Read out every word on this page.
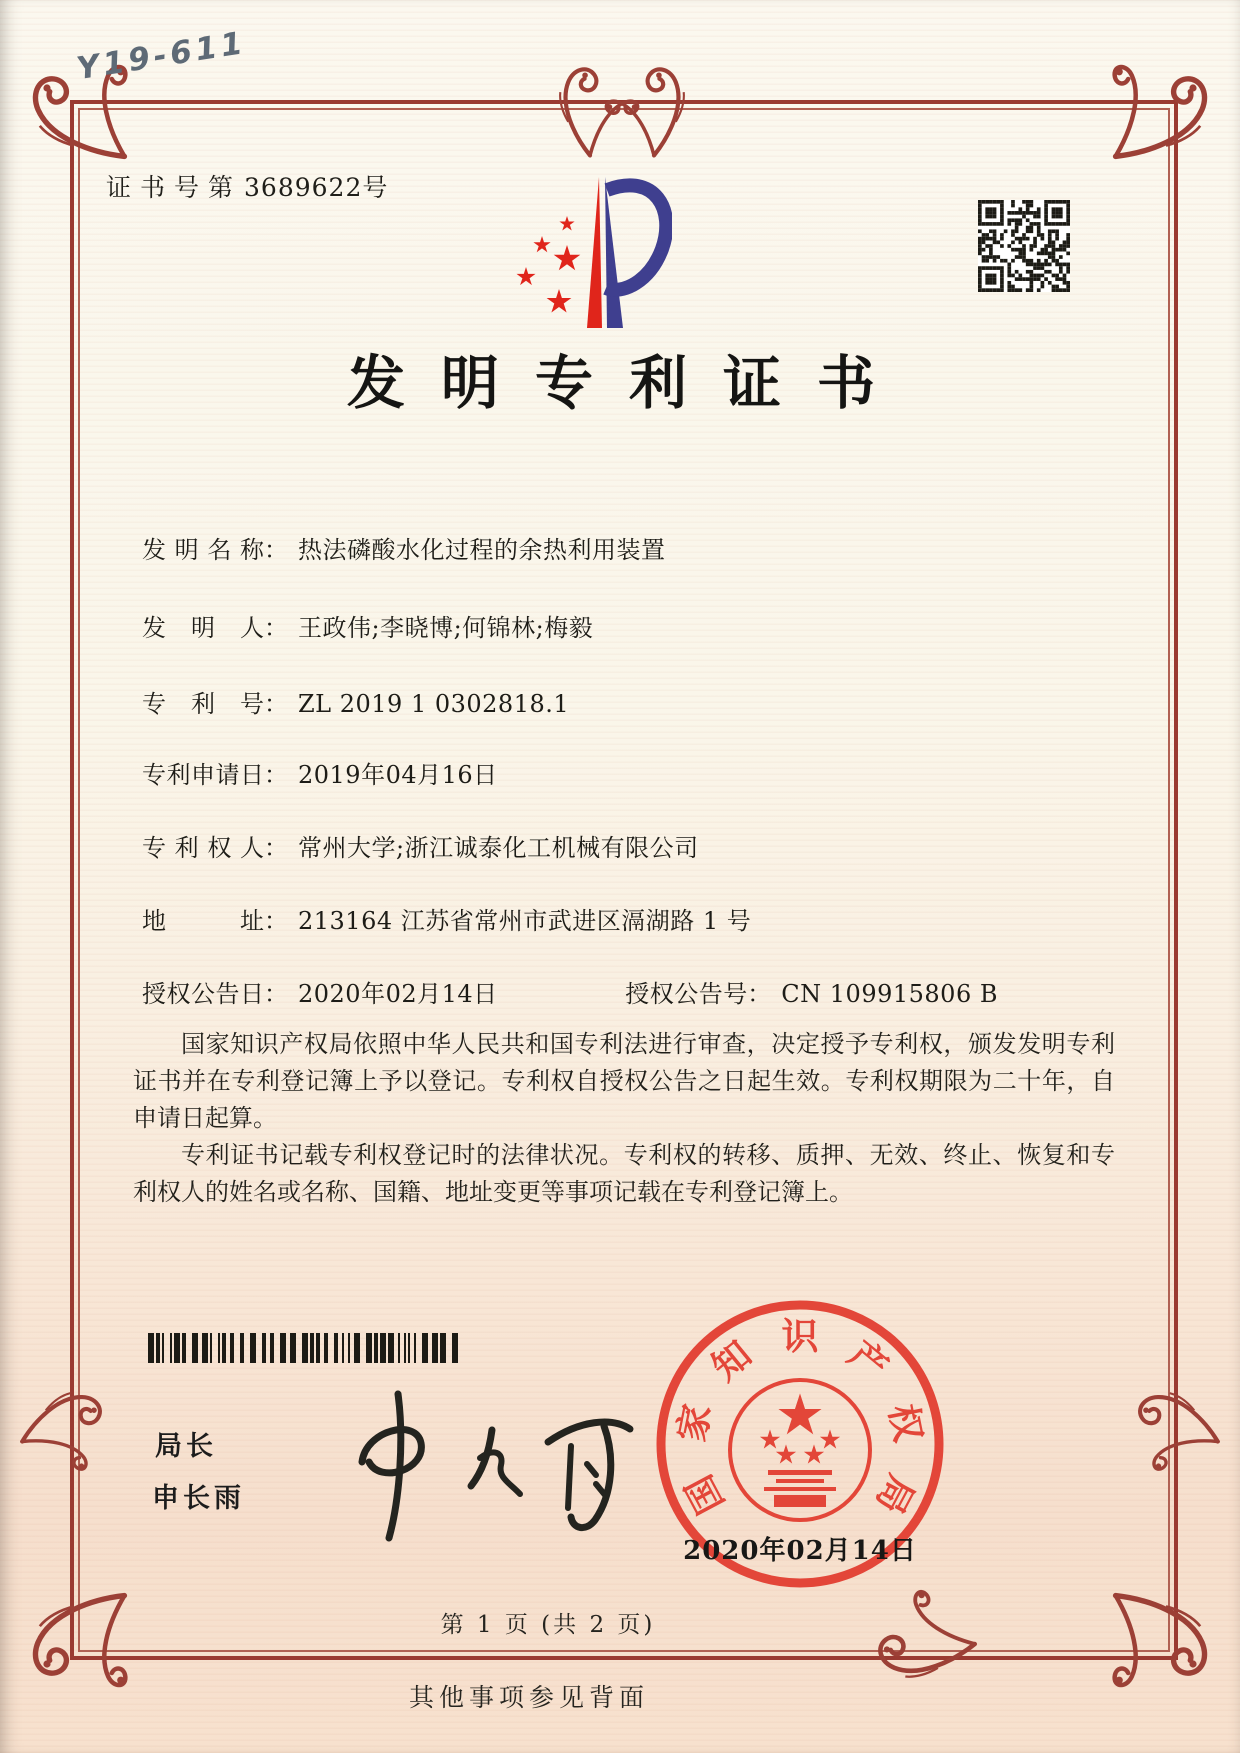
Y19-611
证书号第3689622号
发明专利证书
发明名称： 热法磷酸水化过程的余热利用装置
发明人： 王政伟;李晓博;何锦林;梅毅
专利号： ZL 2019 1 0302818.1
专利申请日： 2019年04月16日
专利权人： 常州大学;浙江诚泰化工机械有限公司
地址： 213164 江苏省常州市武进区滆湖路 1 号
授权公告日： 2020年02月14日	授权公告号： CN 109915806 B

国家知识产权局依照中华人民共和国专利法进行审查，决定授予专利权，颁发发明专利证书并在专利登记簿上予以登记。专利权自授权公告之日起生效。专利权期限为二十年，自申请日起算。

专利证书记载专利权登记时的法律状况。专利权的转移、质押、无效、终止、恢复和专利权人的姓名或名称、国籍、地址变更等事项记载在专利登记簿上。

局长
申长雨	国
家
知 识 产
权
局
2020年02月14日
第 1 页 (共 2 页)
其他事项参见背面
